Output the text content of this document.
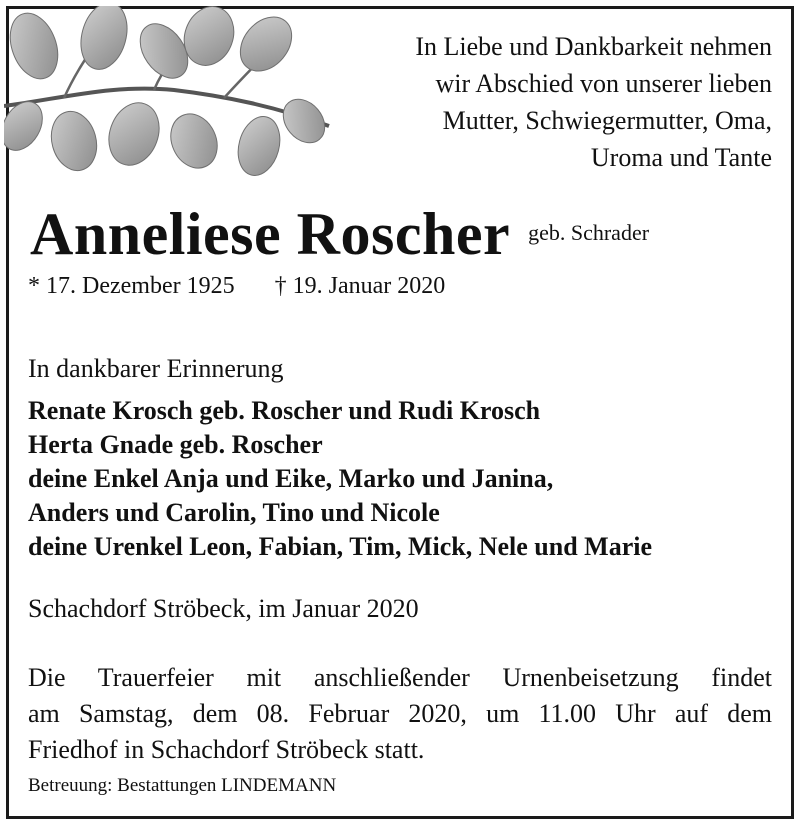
In Liebe und Dankbarkeit nehmen
wir Abschied von unserer lieben
Mutter, Schwiegermutter, Oma,
Uroma und Tante
Anneliese Roscher geb. Schrader
* 17. Dezember 1925 † 19. Januar 2020
In dankbarer Erinnerung
Renate Krosch geb. Roscher und Rudi Krosch
Herta Gnade geb. Roscher
deine Enkel Anja und Eike, Marko und Janina,
Anders und Carolin, Tino und Nicole
deine Urenkel Leon, Fabian, Tim, Mick, Nele und Marie
Schachdorf Ströbeck, im Januar 2020
Die Trauerfeier mit anschließender Urnenbeisetzung findet
am Samstag, dem 08. Februar 2020, um 11.00 Uhr auf dem
Friedhof in Schachdorf Ströbeck statt.
Betreuung: Bestattungen LINDEMANN
